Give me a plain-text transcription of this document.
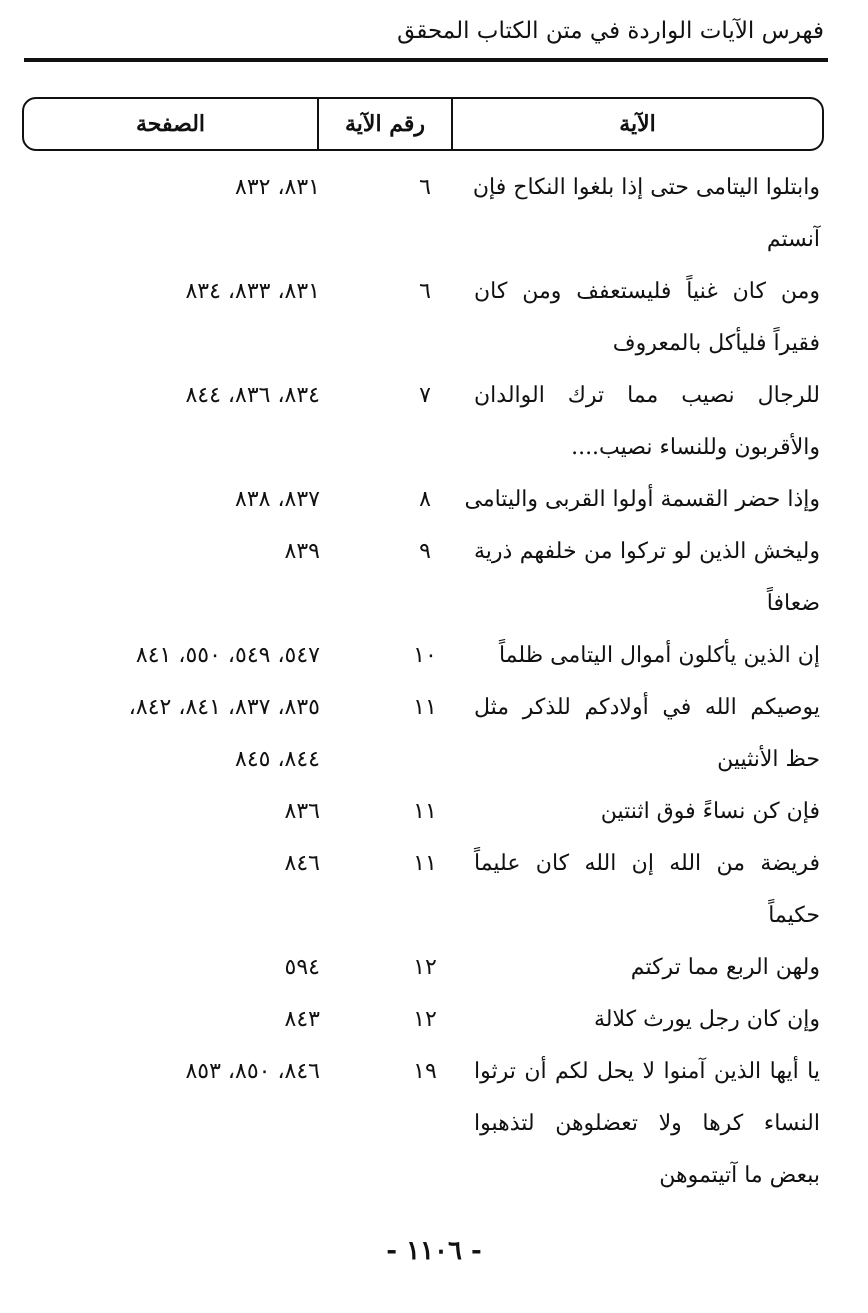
فهرس الآيات الواردة في متن الكتاب المحقق
الآية
رقم الآية
الصفحة
وابتلوا اليتامى حتى إذا بلغوا النكاح فإن
٦
٨٣١، ٨٣٢
آنستم
ومن كان غنياً فليستعفف ومن كان
٦
٨٣١، ٨٣٣، ٨٣٤
فقيراً فليأكل بالمعروف
للرجال نصيب مما ترك الوالدان
٧
٨٣٤، ٨٣٦، ٨٤٤
والأقربون وللنساء نصيب....
وإذا حضر القسمة أولوا القربى واليتامى
٨
٨٣٧، ٨٣٨
وليخش الذين لو تركوا من خلفهم ذرية
٩
٨٣٩
ضعافاً
إن الذين يأكلون أموال اليتامى ظلماً
١٠
٥٤٧، ٥٤٩، ٥٥٠، ٨٤١
يوصيكم الله في أولادكم للذكر مثل
١١
٨٣٥، ٨٣٧، ٨٤١، ٨٤٢،
حظ الأنثيين
٨٤٤، ٨٤٥
فإن كن نساءً فوق اثنتين
١١
٨٣٦
فريضة من الله إن الله كان عليماً
١١
٨٤٦
حكيماً
ولهن الربع مما تركتم
١٢
٥٩٤
وإن كان رجل يورث كلالة
١٢
٨٤٣
يا أيها الذين آمنوا لا يحل لكم أن ترثوا
١٩
٨٤٦، ٨٥٠، ٨٥٣
النساء كرها ولا تعضلوهن لتذهبوا
ببعض ما آتيتموهن
- ١١٠٦ -
